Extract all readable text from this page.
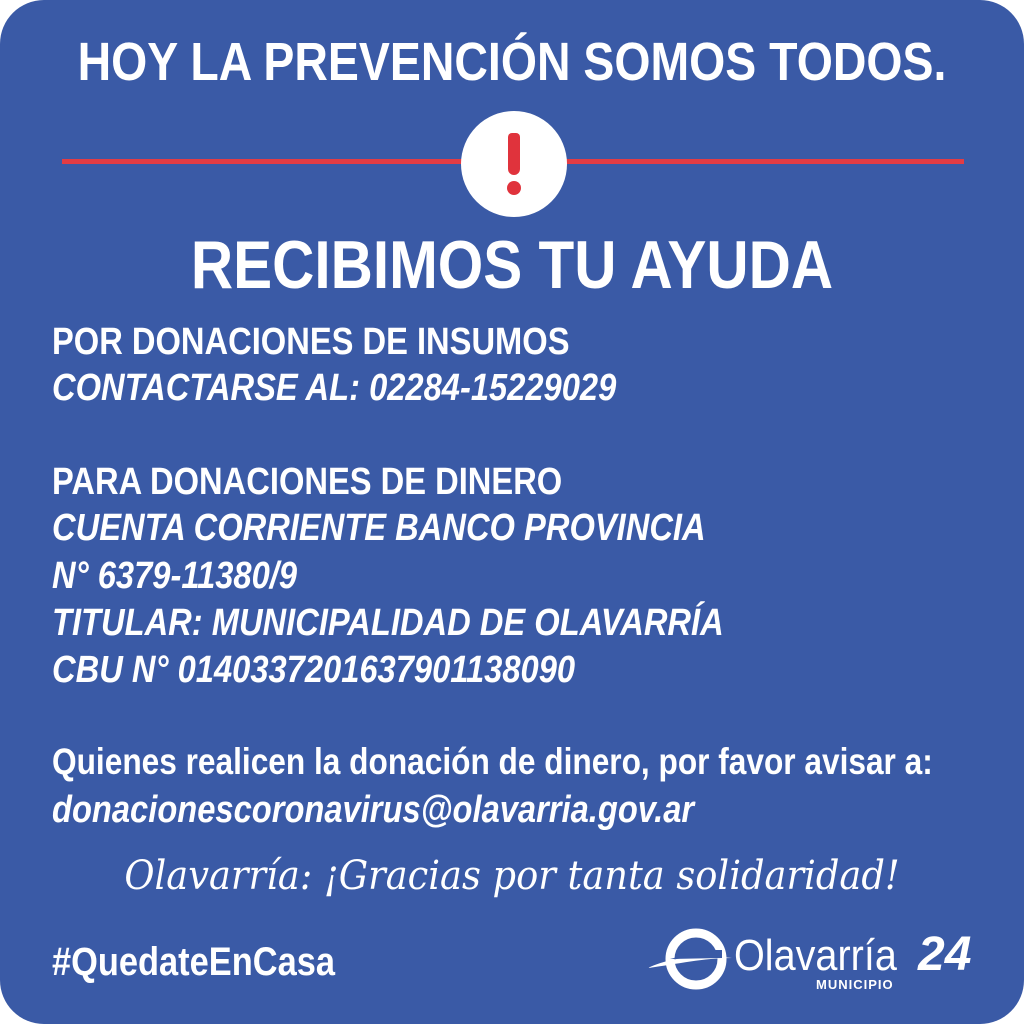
HOY LA PREVENCIÓN SOMOS TODOS.
RECIBIMOS TU AYUDA
POR DONACIONES DE INSUMOS
CONTACTARSE AL: 02284-15229029
PARA DONACIONES DE DINERO
CUENTA CORRIENTE BANCO PROVINCIA
N° 6379-11380/9
TITULAR: MUNICIPALIDAD DE OLAVARRÍA
CBU N° 0140337201637901138090
Quienes realicen la donación de dinero, por favor avisar a:
donacionescoronavirus@olavarria.gov.ar
Olavarría: ¡Gracias por tanta solidaridad!
#QuedateEnCasa	Olavarría 24
MUNICIPIO
